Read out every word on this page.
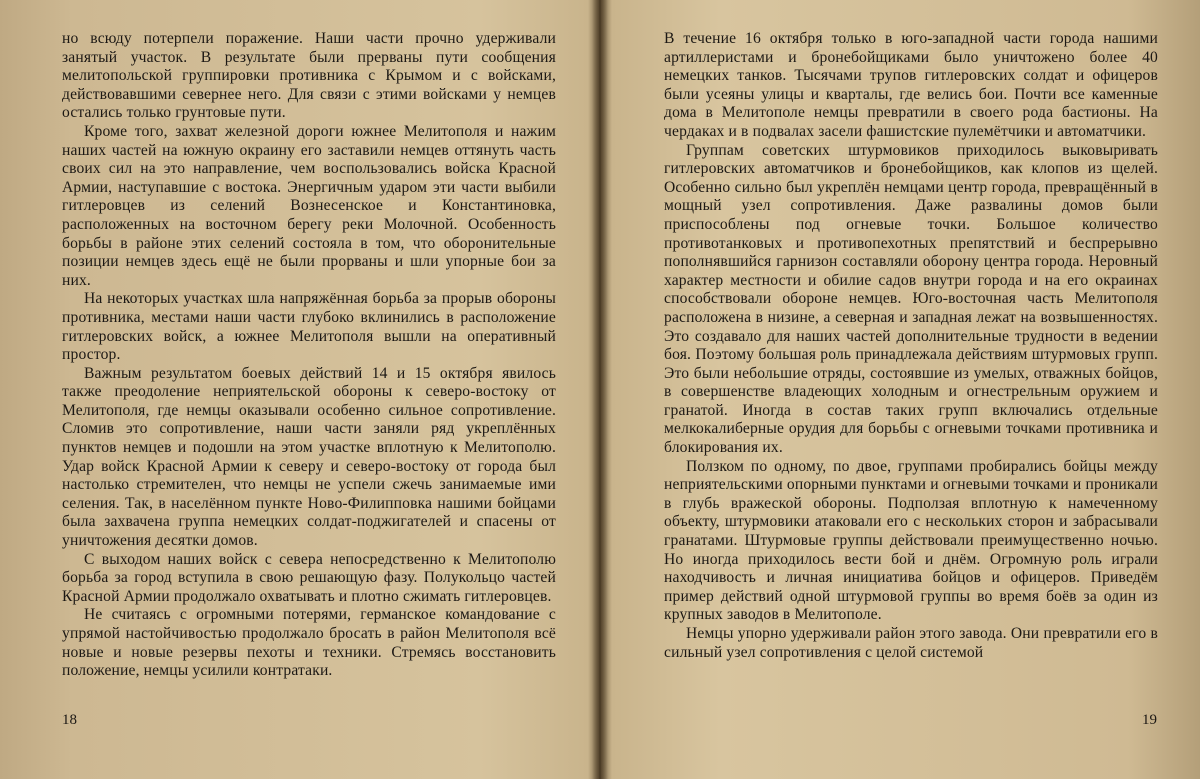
но всюду потерпели поражение. Наши части прочно удерживали занятый участок. В результате были прерваны пути сообщения мелитопольской группировки противника с Крымом и с войсками, действовавшими севернее него. Для связи с этими войсками у немцев остались только грунтовые пути.

Кроме того, захват железной дороги южнее Мелитополя и нажим наших частей на южную окраину его заставили немцев оттянуть часть своих сил на это направление, чем воспользовались войска Красной Армии, наступавшие с востока. Энергичным ударом эти части выбили гитлеровцев из селений Вознесенское и Константиновка, расположенных на восточном берегу реки Молочной. Особенность борьбы в районе этих селений состояла в том, что оборонительные позиции немцев здесь ещё не были прорваны и шли упорные бои за них.

На некоторых участках шла напряжённая борьба за прорыв обороны противника, местами наши части глубоко вклинились в расположение гитлеровских войск, а южнее Мелитополя вышли на оперативный простор.

Важным результатом боевых действий 14 и 15 октября явилось также преодоление неприятельской обороны к северо-востоку от Мелитополя, где немцы оказывали особенно сильное сопротивление. Сломив это сопротивление, наши части заняли ряд укреплённых пунктов немцев и подошли на этом участке вплотную к Мелитополю. Удар войск Красной Армии к северу и северо-востоку от города был настолько стремителен, что немцы не успели сжечь занимаемые ими селения. Так, в населённом пункте Ново-Филипповка нашими бойцами была захвачена группа немецких солдат-поджигателей и спасены от уничтожения десятки домов.

С выходом наших войск с севера непосредственно к Мелитополю борьба за город вступила в свою решающую фазу. Полукольцо частей Красной Армии продолжало охватывать и плотно сжимать гитлеровцев.

Не считаясь с огромными потерями, германское командование с упрямой настойчивостью продолжало бросать в район Мелитополя всё новые и новые резервы пехоты и техники. Стремясь восстановить положение, немцы усилили контратаки.

18

В течение 16 октября только в юго-западной части города нашими артиллеристами и бронебойщиками было уничтожено более 40 немецких танков. Тысячами трупов гитлеровских солдат и офицеров были усеяны улицы и кварталы, где велись бои. Почти все каменные дома в Мелитополе немцы превратили в своего рода бастионы. На чердаках и в подвалах засели фашистские пулемётчики и автоматчики.

Группам советских штурмовиков приходилось выковыривать гитлеровских автоматчиков и бронебойщиков, как клопов из щелей. Особенно сильно был укреплён немцами центр города, превращённый в мощный узел сопротивления. Даже развалины домов были приспособлены под огневые точки. Большое количество противотанковых и противопехотных препятствий и беспрерывно пополнявшийся гарнизон составляли оборону центра города. Неровный характер местности и обилие садов внутри города и на его окраинах способствовали обороне немцев. Юго-восточная часть Мелитополя расположена в низине, а северная и западная лежат на возвышенностях. Это создавало для наших частей дополнительные трудности в ведении боя. Поэтому большая роль принадлежала действиям штурмовых групп. Это были небольшие отряды, состоявшие из умелых, отважных бойцов, в совершенстве владеющих холодным и огнестрельным оружием и гранатой. Иногда в состав таких групп включались отдельные мелкокалиберные орудия для борьбы с огневыми точками противника и блокирования их.

Ползком по одному, по двое, группами пробирались бойцы между неприятельскими опорными пунктами и огневыми точками и проникали в глубь вражеской обороны. Подползая вплотную к намеченному объекту, штурмовики атаковали его с нескольких сторон и забрасывали гранатами. Штурмовые группы действовали преимущественно ночью. Но иногда приходилось вести бой и днём. Огромную роль играли находчивость и личная инициатива бойцов и офицеров. Приведём пример действий одной штурмовой группы во время боёв за один из крупных заводов в Мелитополе.

Немцы упорно удерживали район этого завода. Они превратили его в сильный узел сопротивления с целой системой

19
